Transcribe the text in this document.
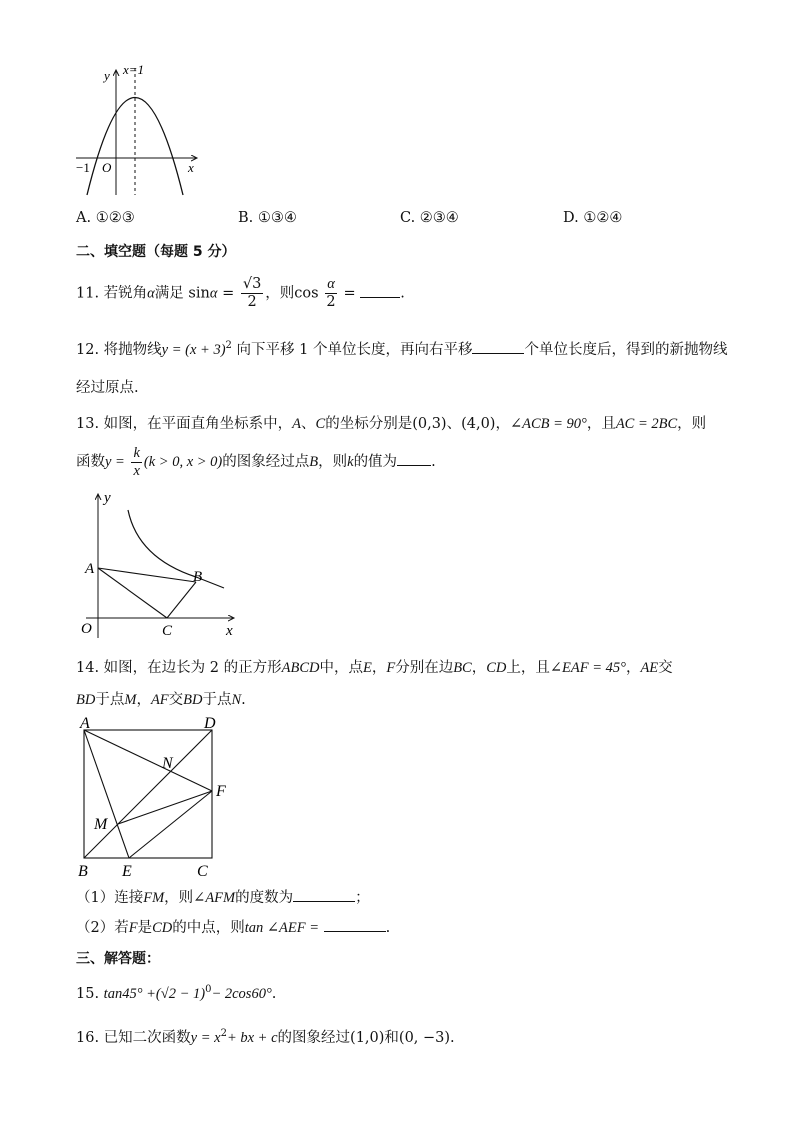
x=1
y
x
−1 O
A. ①②③	B. ①③④	C. ②③④	D. ①②④
二、填空题（每题 5 分）
11. 若锐角α满足 $\sin\alpha = \frac{√3}{2}$ ，则$\cos \frac{\alpha}{2}$ =	.
12. 将抛物线$y = (x + 3)^2$ 向下平移 1 个单位长度，再向右平移	个单位长度后，得到的新抛物线
经过原点.
13. 如图，在平面直角坐标系中，A、C的坐标分别是(0,3)、(4,0)，∠ACB = 90°，且AC = 2BC，则
函数$y = \frac{k}{x} (k > 0$, x > 0)的图象经过点B，则k的值为 .
y
x
A	B
C
O
14. 如图，在边长为 2 的正方形ABCD中，点E，F分别在边BC，CD上，且∠EAF = 45°，AE交
BD于点M，AF交BD于点N.
A	D
N
F
M
B E	C
（1）连接FM，则∠AFM的度数为	；
（2）若F是CD的中点，则tan ∠AEF =	.
三、解答题：
15. $\tan 45^\circ +(√2 - 1)^0- 2\cos 60^\circ$.
16. 已知二次函数$y = x^2+$ bx + c的图象经过(1,0)和(0, −3).
